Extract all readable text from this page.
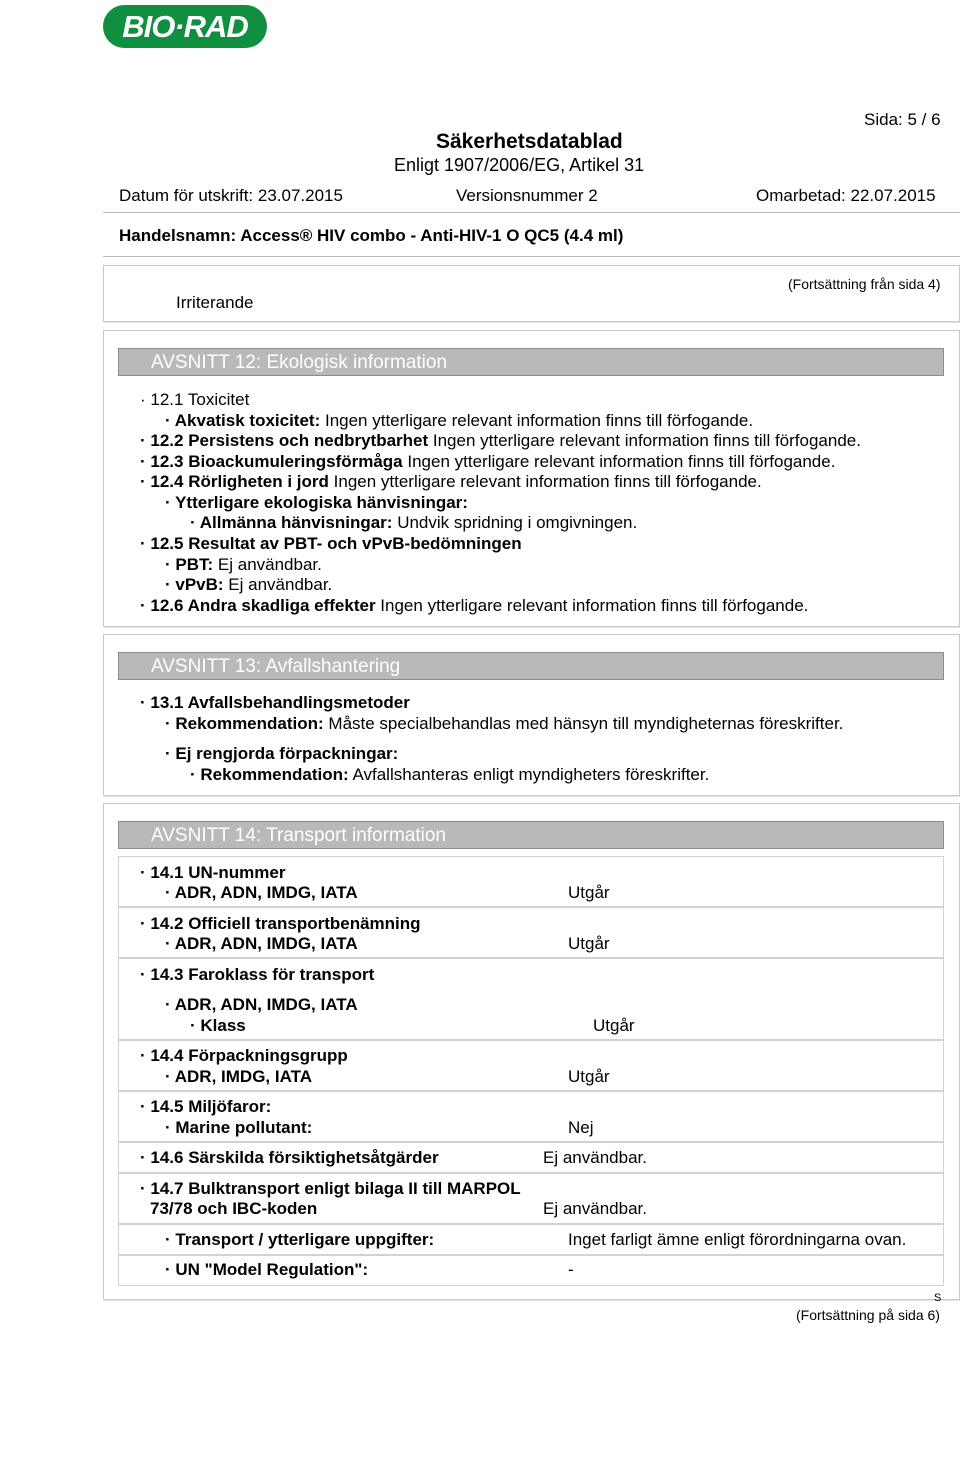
BIO·RAD
Sida: 5 / 6
Säkerhetsdatablad
Enligt 1907/2006/EG, Artikel 31
Datum för utskrift: 23.07.2015	Versionsnummer 2	Omarbetad: 22.07.2015
Handelsnamn: Access® HIV combo - Anti-HIV-1 O QC5 (4.4 ml)
(Fortsättning från sida 4)
Irriterande
AVSNITT 12: Ekologisk information
· 12.1 Toxicitet
· Akvatisk toxicitet: Ingen ytterligare relevant information finns till förfogande.
· 12.2 Persistens och nedbrytbarhet Ingen ytterligare relevant information finns till förfogande.
· 12.3 Bioackumuleringsförmåga Ingen ytterligare relevant information finns till förfogande.
· 12.4 Rörligheten i jord Ingen ytterligare relevant information finns till förfogande.
· Ytterligare ekologiska hänvisningar:
· Allmänna hänvisningar: Undvik spridning i omgivningen.
· 12.5 Resultat av PBT- och vPvB-bedömningen
· PBT: Ej användbar.
· vPvB: Ej användbar.
· 12.6 Andra skadliga effekter Ingen ytterligare relevant information finns till förfogande.
AVSNITT 13: Avfallshantering
· 13.1 Avfallsbehandlingsmetoder
· Rekommendation: Måste specialbehandlas med hänsyn till myndigheternas föreskrifter.
· Ej rengjorda förpackningar:
· Rekommendation: Avfallshanteras enligt myndigheters föreskrifter.
AVSNITT 14: Transport information
· 14.1 UN-nummer
· ADR, ADN, IMDG, IATA	Utgår
· 14.2 Officiell transportbenämning
· ADR, ADN, IMDG, IATA	Utgår
· 14.3 Faroklass för transport
· ADR, ADN, IMDG, IATA
· Klass	Utgår
· 14.4 Förpackningsgrupp
· ADR, IMDG, IATA	Utgår
· 14.5 Miljöfaror:
· Marine pollutant:	Nej
· 14.6 Särskilda försiktighetsåtgärder	Ej användbar.
· 14.7 Bulktransport enligt bilaga II till MARPOL
73/78 och IBC-koden	Ej användbar.
· Transport / ytterligare uppgifter:	Inget farligt ämne enligt förordningarna ovan.
· UN "Model Regulation":	-
S
(Fortsättning på sida 6)
